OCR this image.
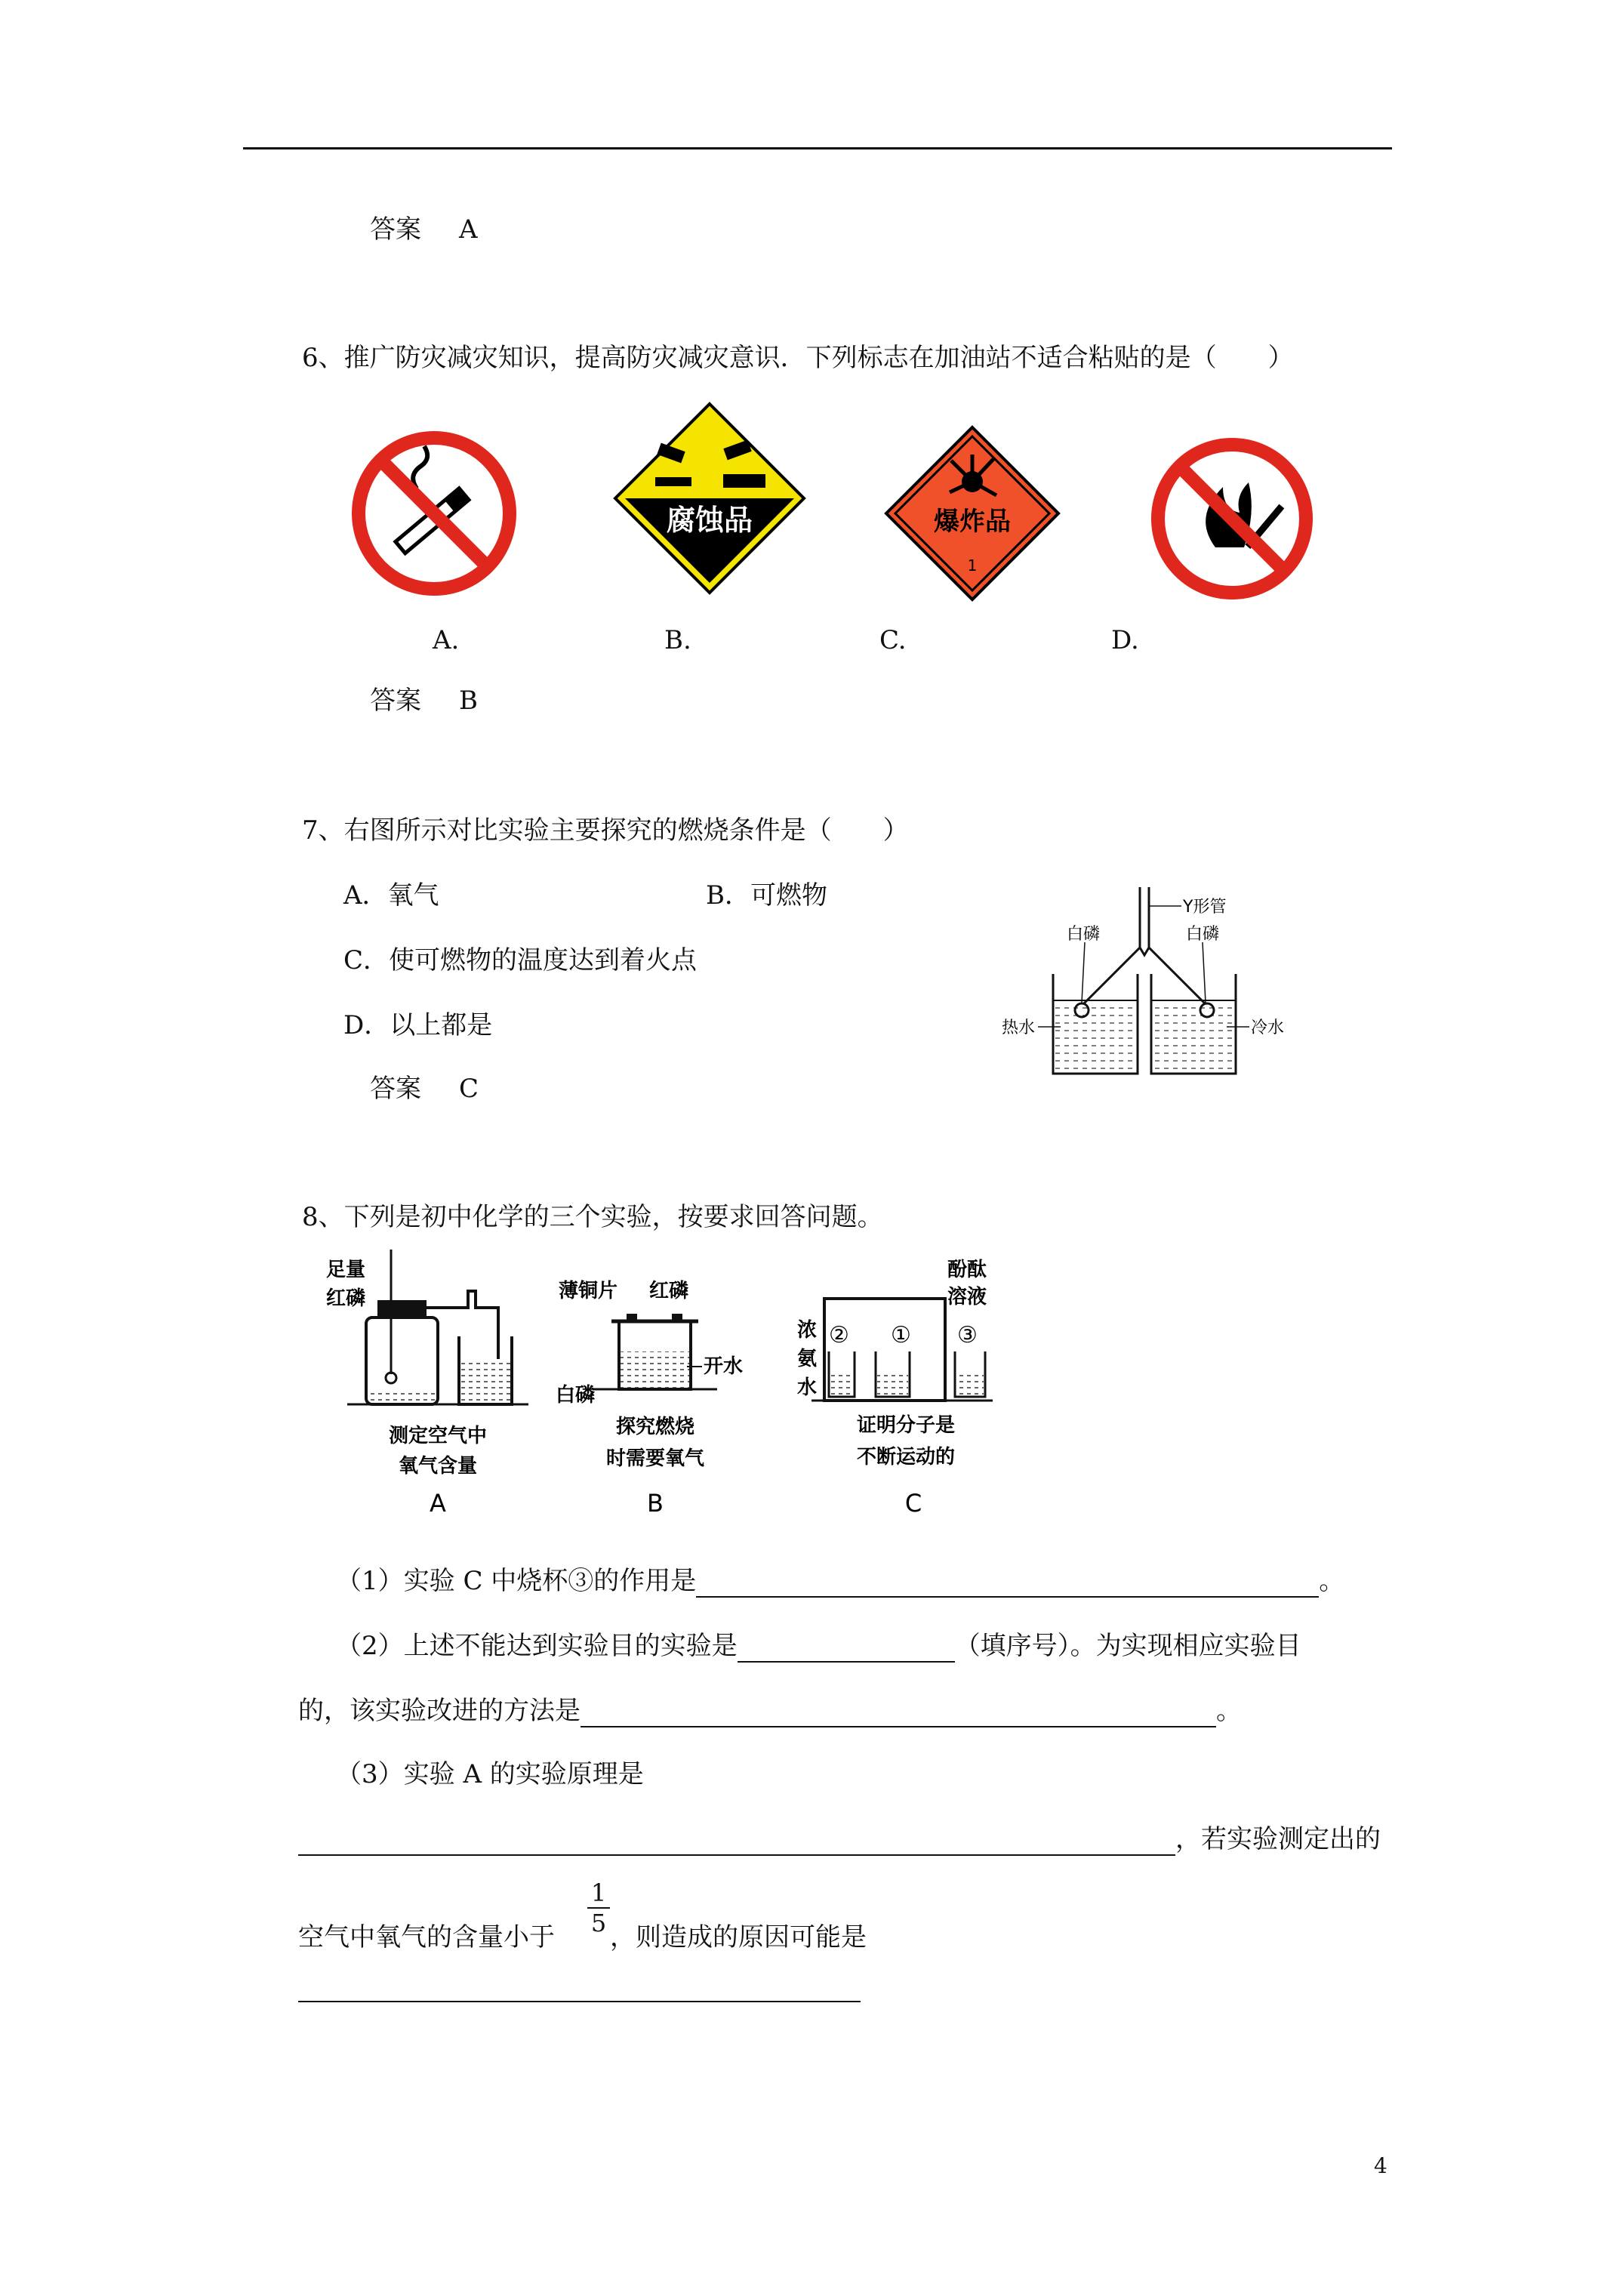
答案 A
6、推广防灾减灾知识，提高防灾减灾意识．下列标志在加油站不适合粘贴的是（　　）
腐蚀品	爆炸品
1
A.	B.	C.	D.
答案 B
7、右图所示对比实验主要探究的燃烧条件是（　　）
A．氧气	B．可燃物
C．使可燃物的温度达到着火点
D．以上都是
答案 C
Y形管
白磷	白磷
热水	冷水
8、下列是初中化学的三个实验，按要求回答问题。
足量
红磷
测定空气中
氧气含量
A
薄铜片 红磷
开水
白磷
探究燃烧
时需要氧气
B
② ① ③
酚酞
溶液
浓
氨
水
证明分子是
不断运动的
C
（1）实验 C 中烧杯③的作用是	。
（2）上述不能达到实验目的实验是	（填序号）。为实现相应实验目
的，该实验改进的方法是	。
（3）实验 A 的实验原理是
，若实验测定出的
空气中氧气的含量小于
1
5 ，则造成的原因可能是
4
